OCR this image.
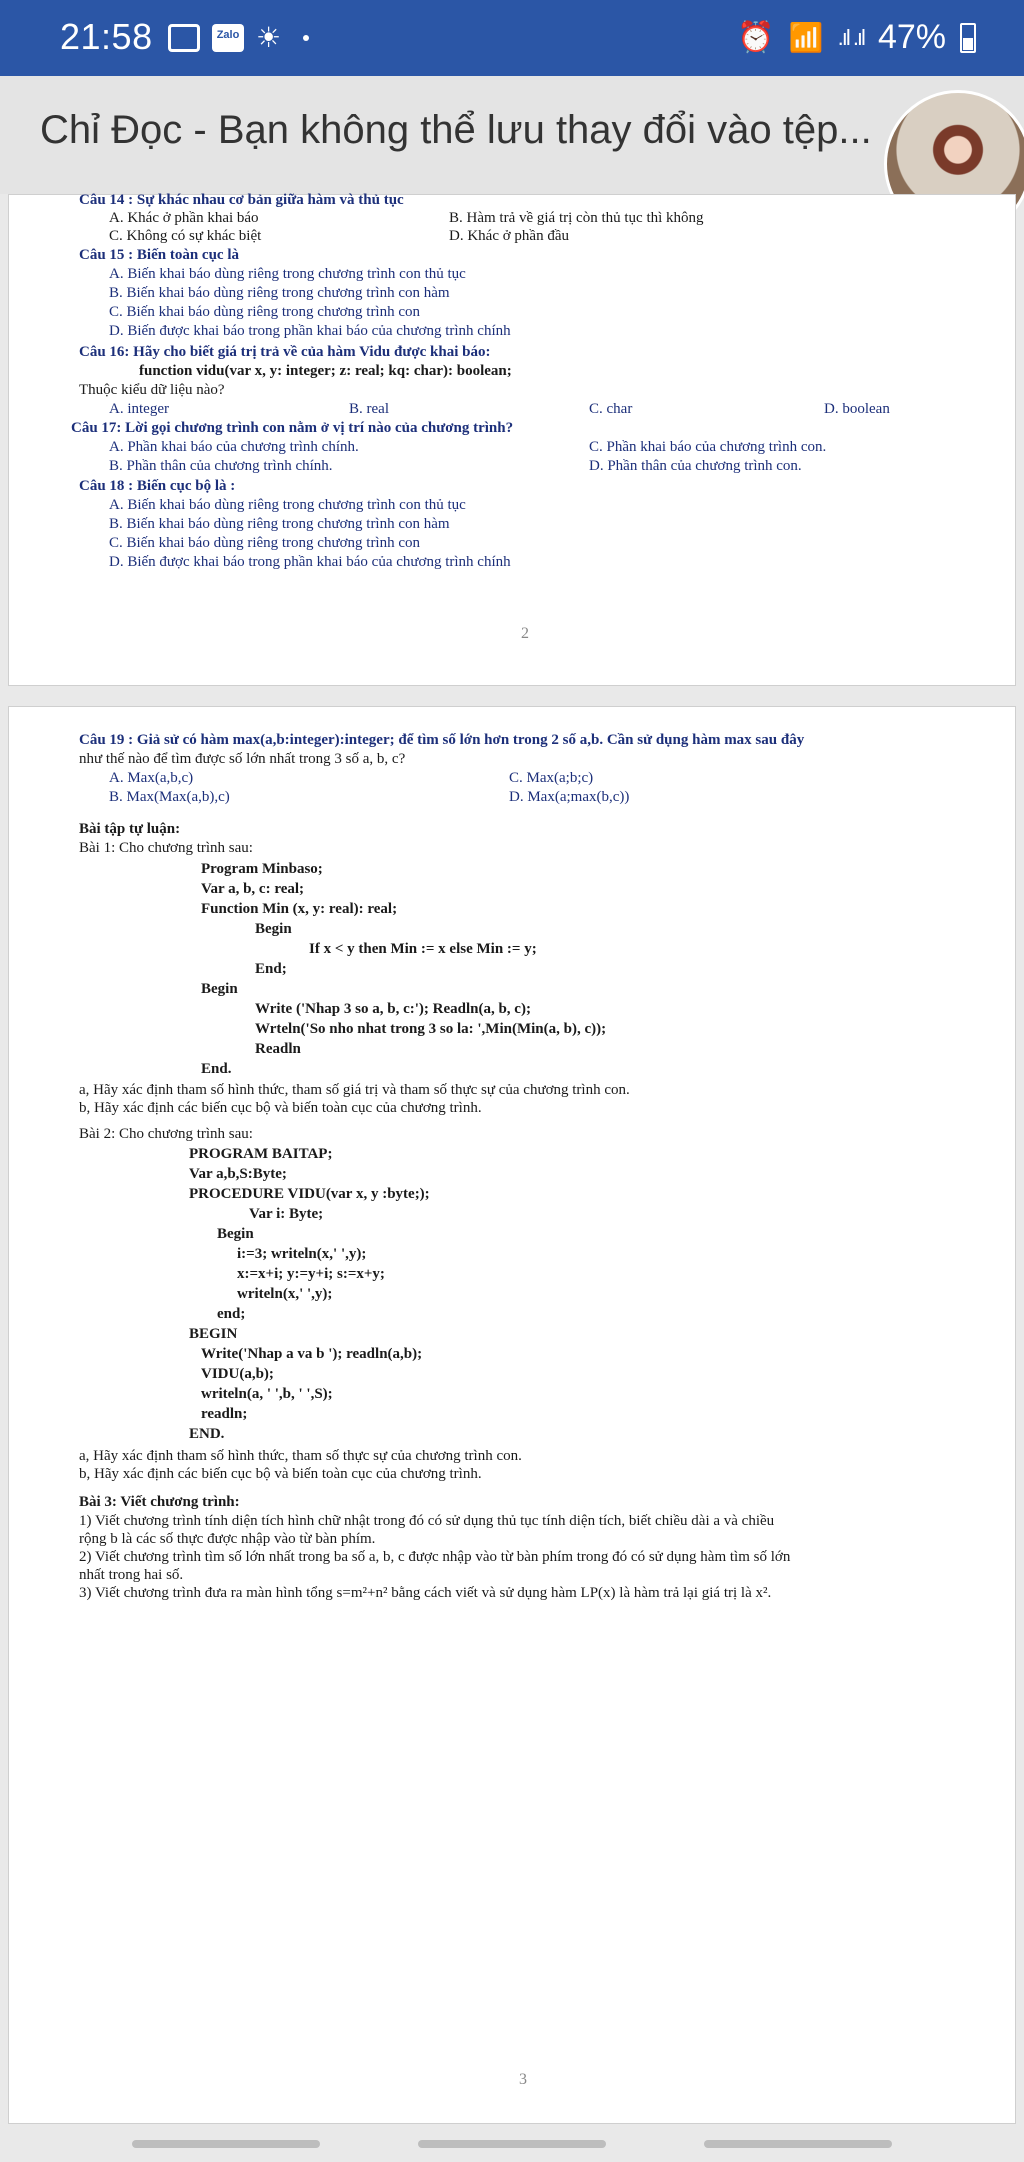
21:58	Zalo ☀	⏰ 📶 .ıl .ıl 47%
Chỉ Đọc - Bạn không thể lưu thay đổi vào tệp...
Câu 14 : Sự khác nhau cơ bản giữa hàm và thủ tục
A. Khác ở phần khai báo	B. Hàm trả về giá trị còn thủ tục thì không
C. Không có sự khác biệt	D. Khác ở phần đầu
Câu 15 : Biến toàn cục là
A. Biến khai báo dùng riêng trong chương trình con thủ tục
B. Biến khai báo dùng riêng trong chương trình con hàm
C. Biến khai báo dùng riêng trong chương trình con
D. Biến được khai báo trong phần khai báo của chương trình chính
Câu 16: Hãy cho biết giá trị trả về của hàm Vidu được khai báo:
function vidu(var x, y: integer; z: real; kq: char): boolean;
Thuộc kiểu dữ liệu nào?
A. integer	B. real	C. char	D. boolean
Câu 17: Lời gọi chương trình con nằm ở vị trí nào của chương trình?
A. Phần khai báo của chương trình chính.	C. Phần khai báo của chương trình con.
B. Phần thân của chương trình chính.	D. Phần thân của chương trình con.
Câu 18 : Biến cục bộ là :
A. Biến khai báo dùng riêng trong chương trình con thủ tục
B. Biến khai báo dùng riêng trong chương trình con hàm
C. Biến khai báo dùng riêng trong chương trình con
D. Biến được khai báo trong phần khai báo của chương trình chính
2
Câu 19 : Giả sử có hàm max(a,b:integer):integer; để tìm số lớn hơn trong 2 số a,b. Cần sử dụng hàm max sau đây
như thế nào để tìm được số lớn nhất trong 3 số a, b, c?
A. Max(a,b,c)	C. Max(a;b;c)
B. Max(Max(a,b),c)	D. Max(a;max(b,c))
Bài tập tự luận:
Bài 1: Cho chương trình sau:
Program Minbaso;
Var a, b, c: real;
Function Min (x, y: real): real;
Begin
If x < y then Min := x else Min := y;
End;
Begin
Write ('Nhap 3 so a, b, c:'); Readln(a, b, c);
Wrteln('So nho nhat trong 3 so la: ',Min(Min(a, b), c));
Readln
End.
a, Hãy xác định tham số hình thức, tham số giá trị và tham số thực sự của chương trình con.
b, Hãy xác định các biến cục bộ và biến toàn cục của chương trình.
Bài 2: Cho chương trình sau:
PROGRAM BAITAP;
Var a,b,S:Byte;
PROCEDURE VIDU(var x, y :byte;);
Var i: Byte;
Begin
i:=3; writeln(x,' ',y);
x:=x+i; y:=y+i; s:=x+y;
writeln(x,' ',y);
end;
BEGIN
Write('Nhap a va b '); readln(a,b);
VIDU(a,b);
writeln(a, ' ',b, ' ',S);
readln;
END.
a, Hãy xác định tham số hình thức, tham số thực sự của chương trình con.
b, Hãy xác định các biến cục bộ và biến toàn cục của chương trình.
Bài 3: Viết chương trình:
1) Viết chương trình tính diện tích hình chữ nhật trong đó có sử dụng thủ tục tính diện tích, biết chiều dài a và chiều
rộng b là các số thực được nhập vào từ bàn phím.
2) Viết chương trình tìm số lớn nhất trong ba số a, b, c được nhập vào từ bàn phím trong đó có sử dụng hàm tìm số lớn
nhất trong hai số.
3) Viết chương trình đưa ra màn hình tổng s=m²+n² bằng cách viết và sử dụng hàm LP(x) là hàm trả lại giá trị là x².
3
